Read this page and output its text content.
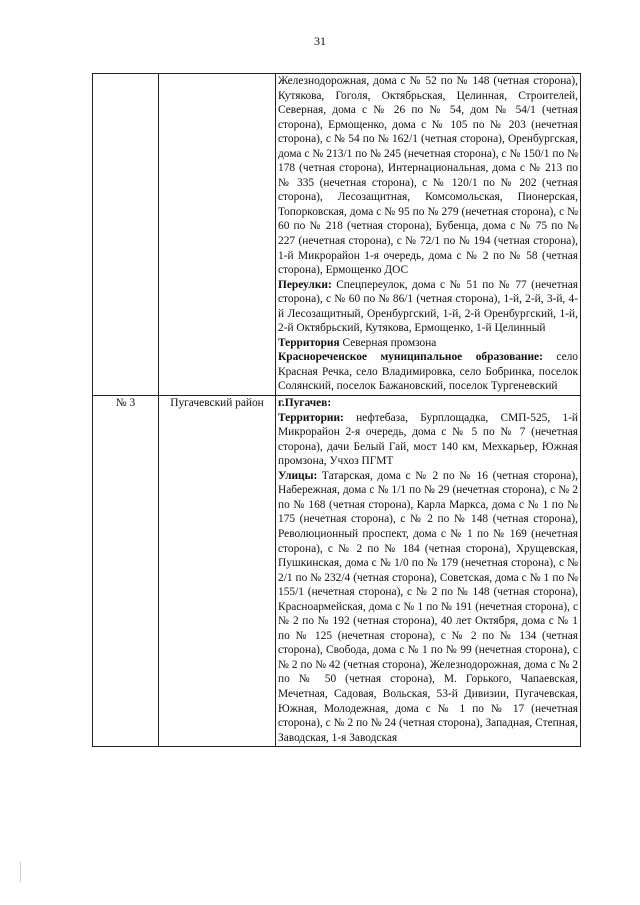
31

		Железнодорожная, дома с № 52 по № 148 (четная сторона), Кутякова, Гоголя, Октябрьская, Целинная, Строителей, Северная, дома с № 26 по № 54, дом № 54/1 (четная сторона), Ермощенко, дома с № 105 по № 203 (нечетная сторона), с № 54 по № 162/1 (четная сторона), Оренбургская, дома с № 213/1 по № 245 (нечетная сторона), с № 150/1 по № 178 (четная сторона), Интернациональная, дома с № 213 по № 335 (нечетная сторона), с № 120/1 по № 202 (четная сторона), Лесозащитная, Комсомольская, Пионерская, Топорковская, дома с № 95 по № 279 (нечетная сторона), с № 60 по № 218 (четная сторона), Бубенца, дома с № 75 по № 227 (нечетная сторона), с № 72/1 по № 194 (четная сторона), 1-й Микрорайон 1-я очередь, дома с № 2 по № 58 (четная сторона), Ермощенко ДОС
Переулки: Спецпереулок, дома с № 51 по № 77 (нечетная сторона), с № 60 по № 86/1 (четная сторона), 1-й, 2-й, 3-й, 4-й Лесозащитный, Оренбургский, 1-й, 2-й Оренбургский, 1-й, 2-й Октябрьский, Кутякова, Ермощенко, 1-й Целинный
Территория Северная промзона
Краснореченское муниципальное образование: село Красная Речка, село Владимировка, село Бобринка, поселок Солянский, поселок Бажановский, поселок Тургеневский

№ 3	Пугачевский район	г.Пугачев:
Территории: нефтебаза, Бурплощадка, СМП-525, 1-й Микрорайон 2-я очередь, дома с № 5 по № 7 (нечетная сторона), дачи Белый Гай, мост 140 км, Мехкарьер, Южная промзона, Учхоз ПГМТ
Улицы: Татарская, дома с № 2 по № 16 (четная сторона), Набережная, дома с № 1/1 по № 29 (нечетная сторона), с № 2 по № 168 (четная сторона), Карла Маркса, дома с № 1 по № 175 (нечетная сторона), с № 2 по № 148 (четная сторона), Революционный проспект, дома с № 1 по № 169 (нечетная сторона), с № 2 по № 184 (четная сторона), Хрущевская, Пушкинская, дома с № 1/0 по № 179 (нечетная сторона), с № 2/1 по № 232/4 (четная сторона), Советская, дома с № 1 по № 155/1 (нечетная сторона), с № 2 по № 148 (четная сторона), Красноармейская, дома с № 1 по № 191 (нечетная сторона), с № 2 по № 192 (четная сторона), 40 лет Октября, дома с № 1 по № 125 (нечетная сторона), с № 2 по № 134 (четная сторона), Свобода, дома с № 1 по № 99 (нечетная сторона), с № 2 по № 42 (четная сторона), Железнодорожная, дома с № 2 по № 50 (четная сторона), М. Горького, Чапаевская, Мечетная, Садовая, Вольская, 53-й Дивизии, Пугачевская, Южная, Молодежная, дома с № 1 по № 17 (нечетная сторона), с № 2 по № 24 (четная сторона), Западная, Степная, Заводская, 1-я Заводская
